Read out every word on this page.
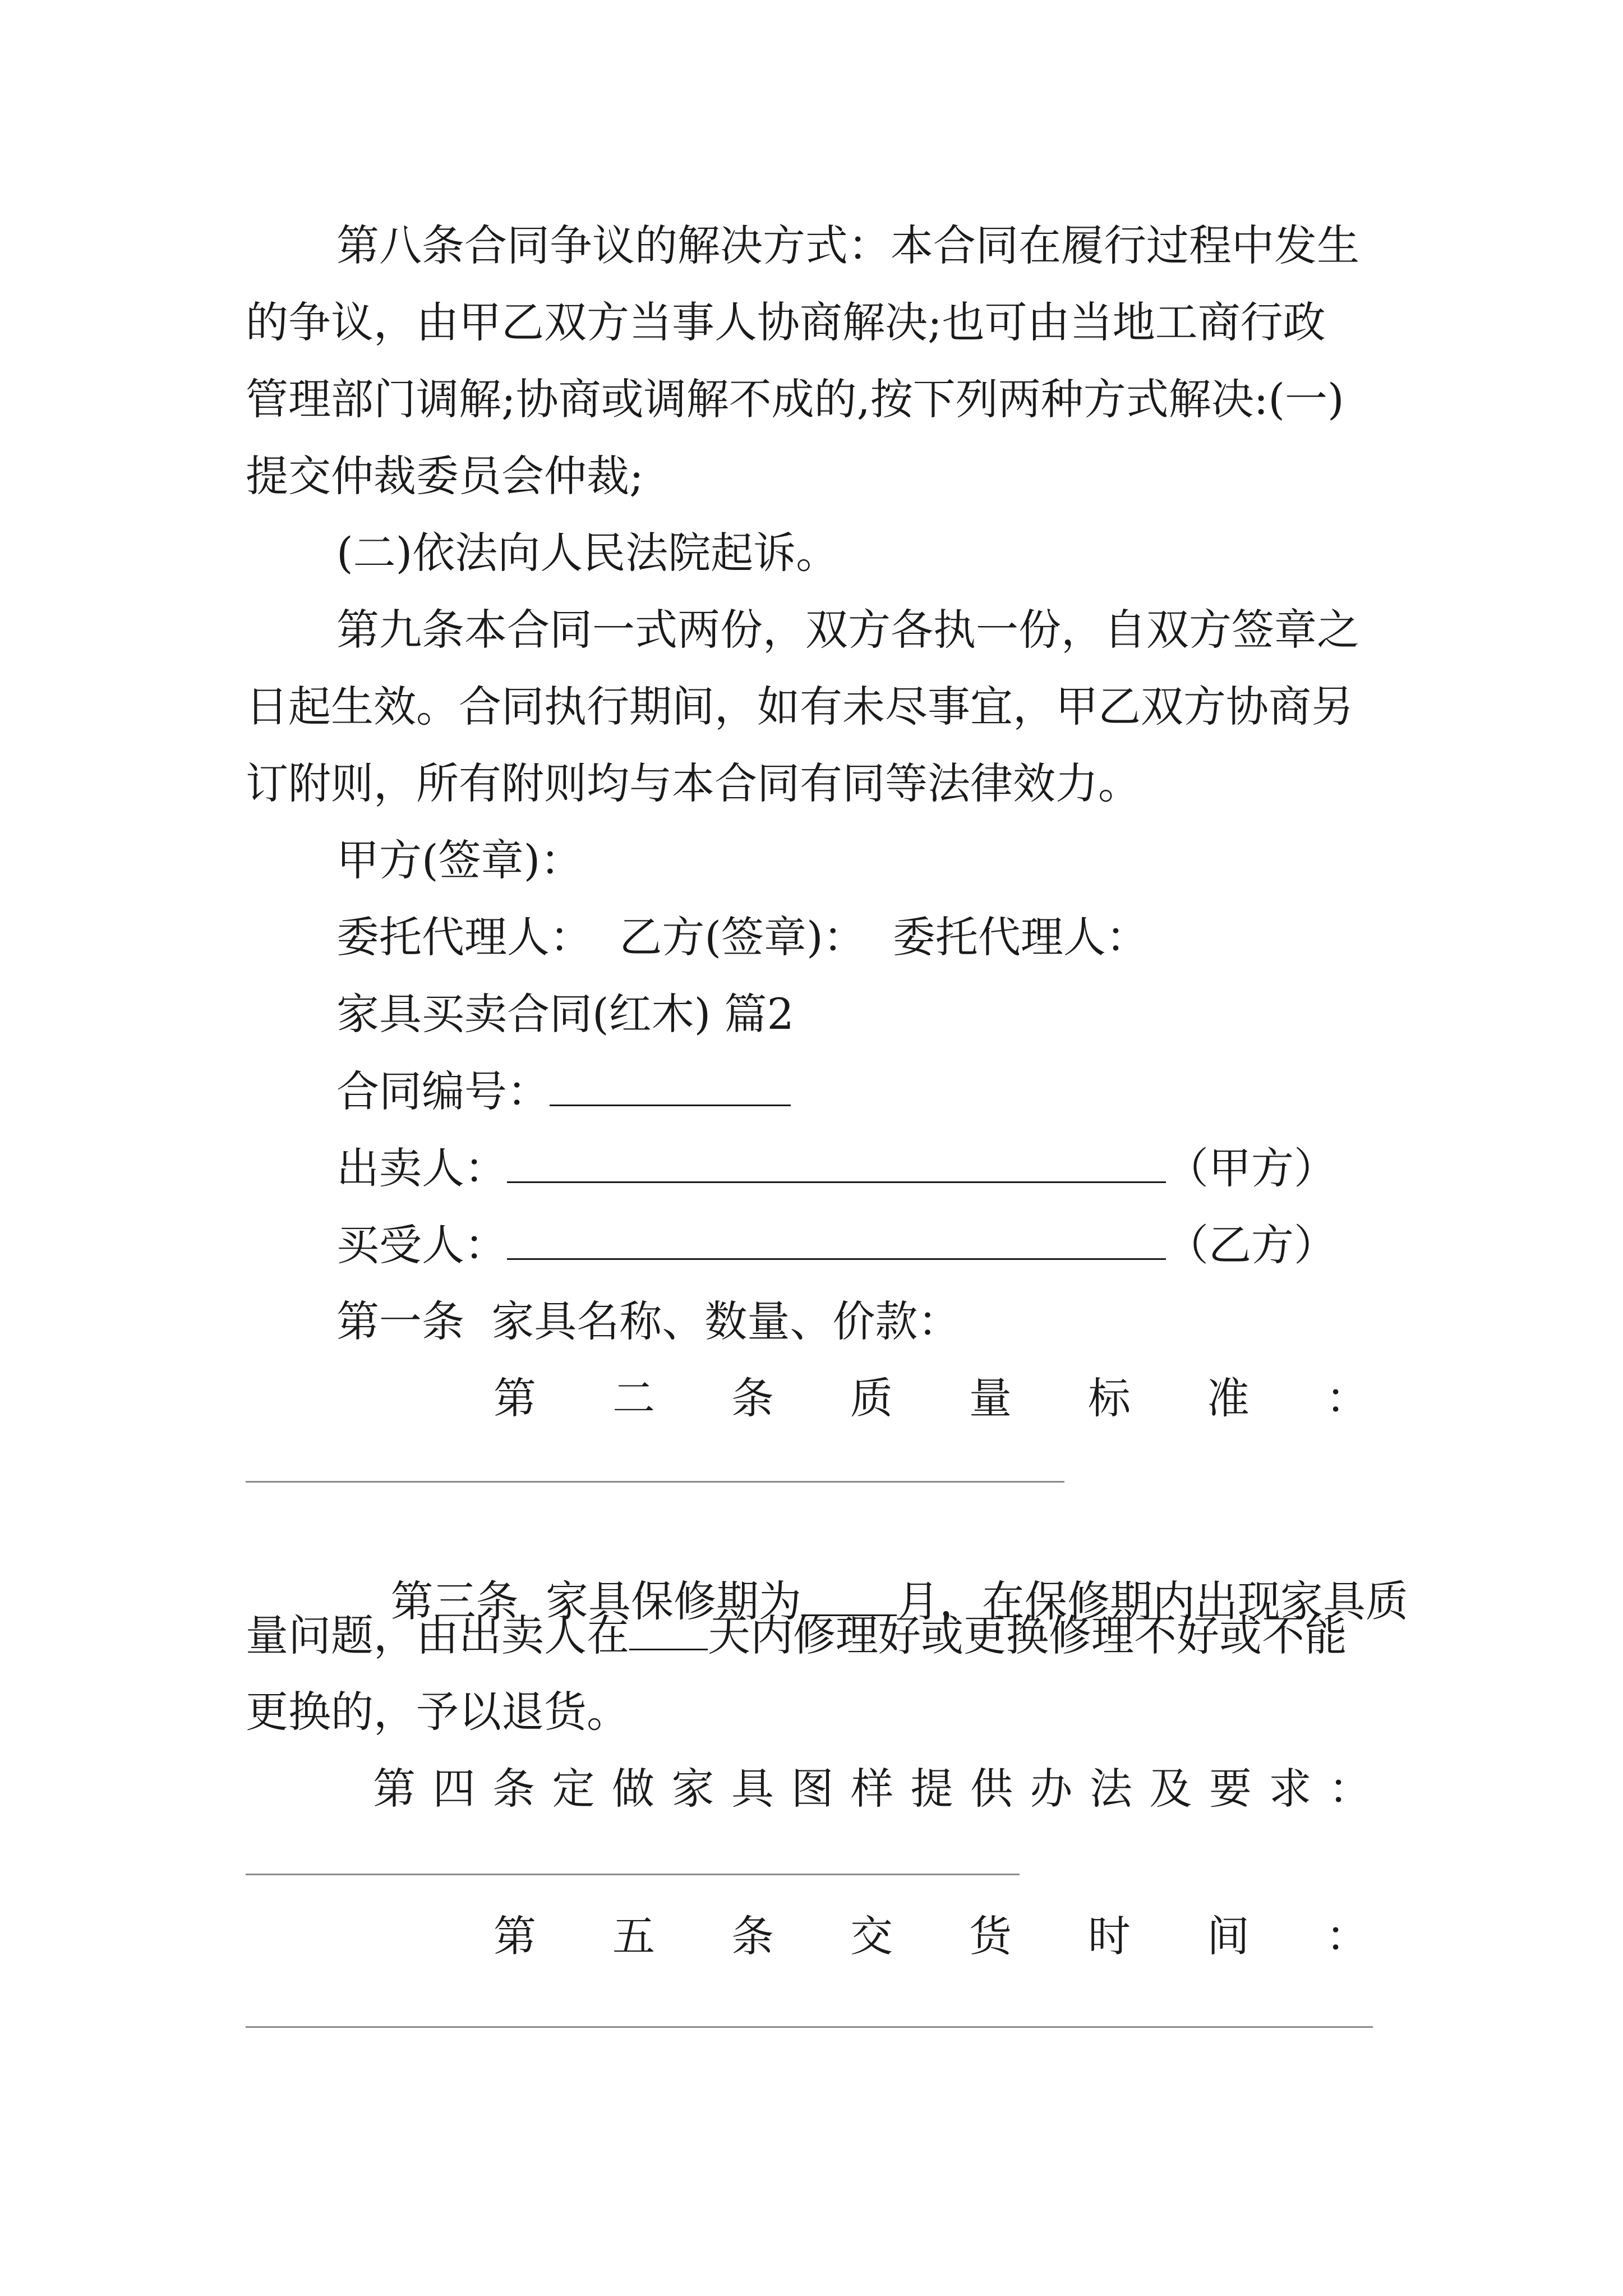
第八条合同争议的解决方式：本合同在履行过程中发生
的争议，由甲乙双方当事人协商解决;也可由当地工商行政
管理部门调解;协商或调解不成的,按下列两种方式解决:(一)
提交仲裁委员会仲裁;
(二)依法向人民法院起诉。
第九条本合同一式两份，双方各执一份，自双方签章之
日起生效。合同执行期间，如有未尽事宜，甲乙双方协商另
订附则，所有附则均与本合同有同等法律效力。
甲方(签章)：
委托代理人：  乙方(签章)：  委托代理人：
家具买卖合同(红木) 篇2
合同编号：
出卖人：	（甲方）
买受人：	（乙方）
第一条  家具名称、数量、价款：
第 二 条 质 量 标 准 ：

第三条  家具保修期为 月，在保修期内出现家具质

量问题，由出卖人在 天内修理好或更换修理不好或不能
更换的，予以退货。
第 四 条 定 做 家 具 图 样 提 供 办 法 及 要 求 ：
第 五 条 交 货 时 间 ：
